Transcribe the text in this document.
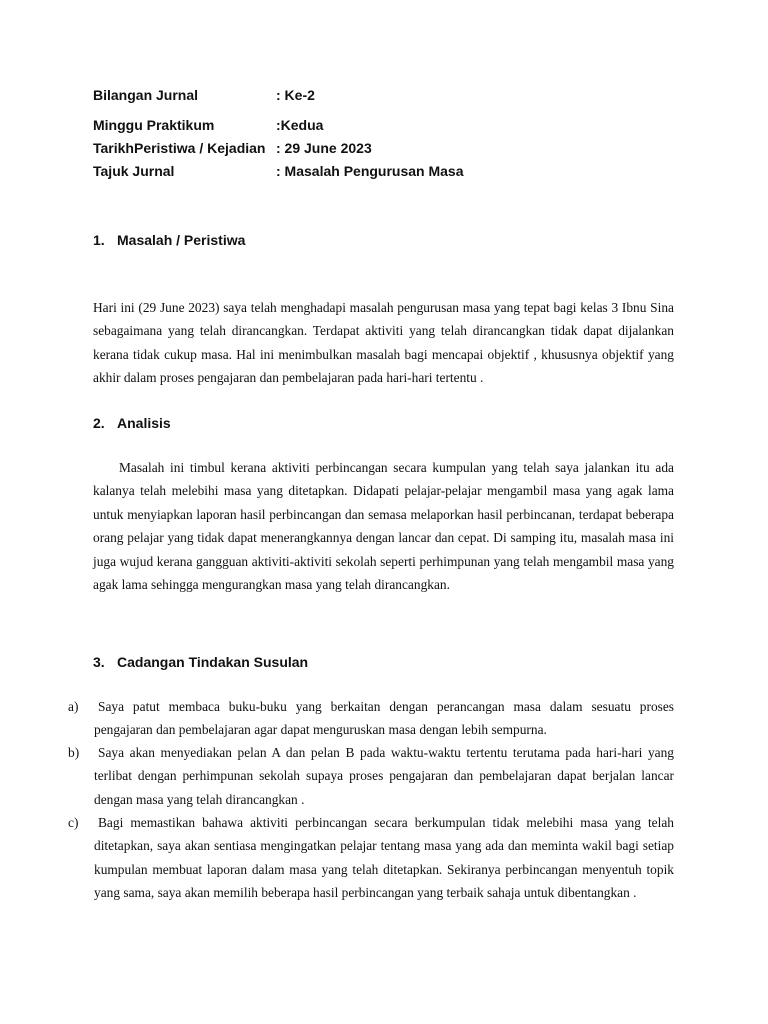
Bilangan Jurnal	: Ke-2
Minggu Praktikum	:Kedua
TarikhPeristiwa / Kejadian : 29 June 2023
Tajuk Jurnal	: Masalah Pengurusan Masa
1. Masalah / Peristiwa

Hari ini (29 June 2023) saya telah menghadapi masalah pengurusan masa yang tepat bagi kelas 3 Ibnu Sina sebagaimana yang telah dirancangkan. Terdapat aktiviti yang telah dirancangkan tidak dapat dijalankan kerana tidak cukup masa. Hal ini menimbulkan masalah bagi mencapai objektif , khususnya objektif yang akhir dalam proses pengajaran dan pembelajaran pada hari-hari tertentu .

2. Analisis

Masalah ini timbul kerana aktiviti perbincangan secara kumpulan yang telah saya jalankan itu ada kalanya telah melebihi masa yang ditetapkan. Didapati pelajar-pelajar mengambil masa yang agak lama untuk menyiapkan laporan hasil perbincangan dan semasa melaporkan hasil perbincanan, terdapat beberapa orang pelajar yang tidak dapat menerangkannya dengan lancar dan cepat. Di samping itu, masalah masa ini juga wujud kerana gangguan aktiviti-aktiviti sekolah seperti perhimpunan yang telah mengambil masa yang agak lama sehingga mengurangkan masa yang telah dirancangkan.

3. Cadangan Tindakan Susulan
a) Saya patut membaca buku-buku yang berkaitan dengan perancangan masa dalam sesuatu proses pengajaran dan pembelajaran agar dapat menguruskan masa dengan lebih sempurna.
b) Saya akan menyediakan pelan A dan pelan B pada waktu-waktu tertentu terutama pada hari-hari yang terlibat dengan perhimpunan sekolah supaya proses pengajaran dan pembelajaran dapat berjalan lancar dengan masa yang telah dirancangkan .
c) Bagi memastikan bahawa aktiviti perbincangan secara berkumpulan tidak melebihi masa yang telah ditetapkan, saya akan sentiasa mengingatkan pelajar tentang masa yang ada dan meminta wakil bagi setiap kumpulan membuat laporan dalam masa yang telah ditetapkan. Sekiranya perbincangan menyentuh topik yang sama, saya akan memilih beberapa hasil perbincangan yang terbaik sahaja untuk dibentangkan .
